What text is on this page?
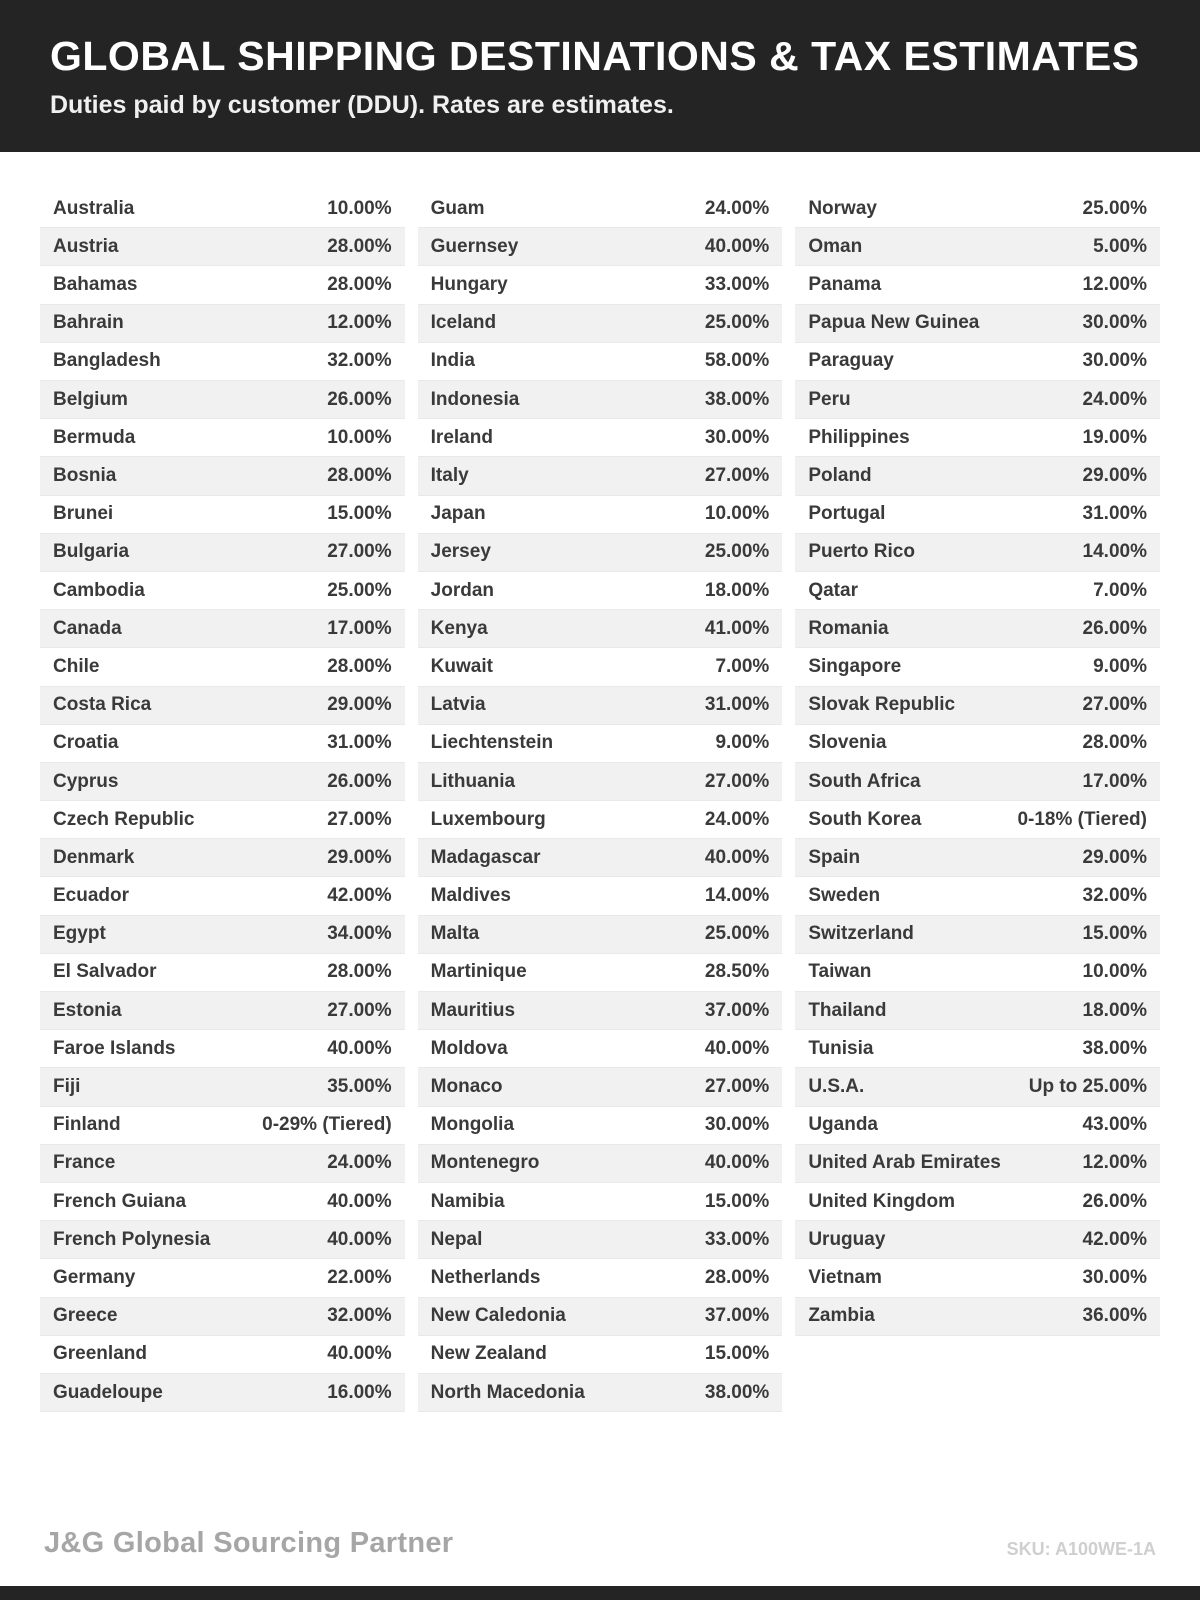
GLOBAL SHIPPING DESTINATIONS & TAX ESTIMATES
Duties paid by customer (DDU). Rates are estimates.
Australia	10.00%
Austria	28.00%
Bahamas	28.00%
Bahrain	12.00%
Bangladesh	32.00%
Belgium	26.00%
Bermuda	10.00%
Bosnia	28.00%
Brunei	15.00%
Bulgaria	27.00%
Cambodia	25.00%
Canada	17.00%
Chile	28.00%
Costa Rica	29.00%
Croatia	31.00%
Cyprus	26.00%
Czech Republic	27.00%
Denmark	29.00%
Ecuador	42.00%
Egypt	34.00%
El Salvador	28.00%
Estonia	27.00%
Faroe Islands	40.00%
Fiji	35.00%
Finland	0-29% (Tiered)
France	24.00%
French Guiana	40.00%
French Polynesia	40.00%
Germany	22.00%
Greece	32.00%
Greenland	40.00%
Guadeloupe	16.00%
Guam	24.00%
Guernsey	40.00%
Hungary	33.00%
Iceland	25.00%
India	58.00%
Indonesia	38.00%
Ireland	30.00%
Italy	27.00%
Japan	10.00%
Jersey	25.00%
Jordan	18.00%
Kenya	41.00%
Kuwait	7.00%
Latvia	31.00%
Liechtenstein	9.00%
Lithuania	27.00%
Luxembourg	24.00%
Madagascar	40.00%
Maldives	14.00%
Malta	25.00%
Martinique	28.50%
Mauritius	37.00%
Moldova	40.00%
Monaco	27.00%
Mongolia	30.00%
Montenegro	40.00%
Namibia	15.00%
Nepal	33.00%
Netherlands	28.00%
New Caledonia	37.00%
New Zealand	15.00%
North Macedonia	38.00%
Norway	25.00%
Oman	5.00%
Panama	12.00%
Papua New Guinea	30.00%
Paraguay	30.00%
Peru	24.00%
Philippines	19.00%
Poland	29.00%
Portugal	31.00%
Puerto Rico	14.00%
Qatar	7.00%
Romania	26.00%
Singapore	9.00%
Slovak Republic	27.00%
Slovenia	28.00%
South Africa	17.00%
South Korea	0-18% (Tiered)
Spain	29.00%
Sweden	32.00%
Switzerland	15.00%
Taiwan	10.00%
Thailand	18.00%
Tunisia	38.00%
U.S.A.	Up to 25.00%
Uganda	43.00%
United Arab Emirates	12.00%
United Kingdom	26.00%
Uruguay	42.00%
Vietnam	30.00%
Zambia	36.00%
J&G Global Sourcing Partner	SKU: A100WE-1A
